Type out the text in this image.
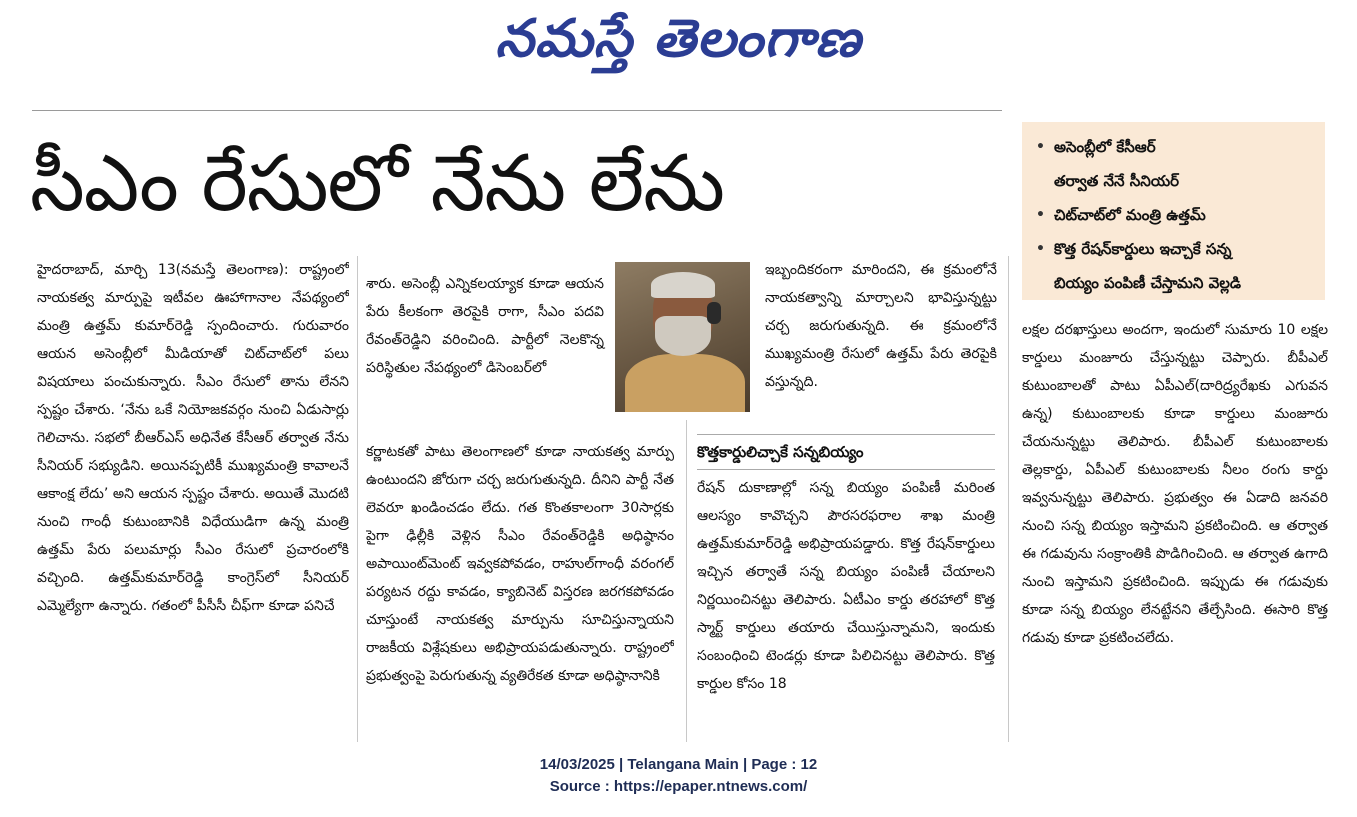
నమస్తే తెలంగాణ
సీఎం రేసులో నేను లేను	• అసెంబ్లీలో కేసీఆర్
తర్వాత నేనే సీనియర్
• చిట్‌చాట్‌లో మంత్రి ఉత్తమ్
• కొత్త రేషన్‌కార్డులు ఇచ్చాకే సన్న
బియ్యం పంపిణీ చేస్తామని వెల్లడి

హైదరాబాద్, మార్చి 13(నమస్తే తెలంగాణ): రాష్ట్రంలో నాయకత్వ మార్పుపై ఇటీవల ఊహాగానాల నేపథ్యంలో మంత్రి ఉత్తమ్ కుమార్‌రెడ్డి స్పందించారు. గురువారం ఆయన అసెంబ్లీలో మీడియాతో చిట్‌చాట్‌లో పలు విషయాలు పంచుకున్నారు. సీఎం రేసులో తాను లేనని స్పష్టం చేశారు. ‘నేను ఒకే నియోజకవర్గం నుంచి ఏడుసార్లు గెలిచాను. సభలో బీఆర్‌ఎస్ అధినేత కేసీఆర్ తర్వాత నేను సీనియర్ సభ్యుడిని. అయినప్పటికీ ముఖ్యమంత్రి కావాలనే ఆకాంక్ష లేదు’ అని ఆయన స్పష్టం చేశారు. అయితే మొదటి నుంచి గాంధీ కుటుంబానికి విధేయుడిగా ఉన్న మంత్రి ఉత్తమ్ పేరు పలుమార్లు సీఎం రేసులో ప్రచారంలోకి వచ్చింది. ఉత్తమ్‌కుమార్‌రెడ్డి కాంగ్రెస్‌లో సీనియర్ ఎమ్మెల్యేగా ఉన్నారు. గతంలో పీసీసీ చీఫ్‌గా కూడా పనిచే

శారు. అసెంబ్లీ ఎన్నికలయ్యాక కూడా ఆయన పేరు కీలకంగా తెరపైకి రాగా, సీఎం పదవి రేవంత్‌రెడ్డిని వరించింది. పార్టీలో నెలకొన్న పరిస్థితుల నేపథ్యంలో డిసెంబర్‌లో

కర్ణాటకతో పాటు తెలంగాణలో కూడా నాయకత్వ మార్పు ఉంటుందని జోరుగా చర్చ జరుగుతున్నది. దీనిని పార్టీ నేత లెవరూ ఖండించడం లేదు. గత కొంతకాలంగా 30సార్లకు పైగా ఢిల్లీకి వెళ్లిన సీఎం రేవంత్‌రెడ్డికి అధిష్ఠానం అపాయింట్‌మెంట్ ఇవ్వకపోవడం, రాహుల్‌గాంధీ వరంగల్ పర్యటన రద్దు కావడం, క్యాబినెట్ విస్తరణ జరగకపోవడం చూస్తుంటే నాయకత్వ మార్పును సూచిస్తున్నాయని రాజకీయ విశ్లేషకులు అభిప్రాయపడుతున్నారు. రాష్ట్రంలో ప్రభుత్వంపై పెరుగుతున్న వ్యతిరేకత కూడా అధిష్ఠానానికి

ఇబ్బందికరంగా మారిందని, ఈ క్రమంలోనే నాయకత్వాన్ని మార్చాలని భావిస్తున్నట్టు చర్చ జరుగుతున్నది. ఈ క్రమంలోనే ముఖ్యమంత్రి రేసులో ఉత్తమ్ పేరు తెరపైకి వస్తున్నది.

కొత్తకార్డులిచ్చాకే సన్నబియ్యం

రేషన్ దుకాణాల్లో సన్న బియ్యం పంపిణీ మరింత ఆలస్యం కావొచ్చని పౌరసరఫరాల శాఖ మంత్రి ఉత్తమ్‌కుమార్‌రెడ్డి అభిప్రాయపడ్డారు. కొత్త రేషన్‌కార్డులు ఇచ్చిన తర్వాతే సన్న బియ్యం పంపిణీ చేయాలని నిర్ణయించినట్టు తెలిపారు. ఏటీఎం కార్డు తరహాలో కొత్త స్మార్ట్ కార్డులు తయారు చేయిస్తున్నామని, ఇందుకు సంబంధించి టెండర్లు కూడా పిలిచినట్టు తెలిపారు. కొత్త కార్డుల కోసం 18

లక్షల దరఖాస్తులు అందగా, ఇందులో సుమారు 10 లక్షల కార్డులు మంజూరు చేస్తున్నట్టు చెప్పారు. బీపీఎల్ కుటుంబాలతో పాటు ఏపీఎల్(దారిద్ర్యరేఖకు ఎగువన ఉన్న) కుటుంబాలకు కూడా కార్డులు మంజూరు చేయనున్నట్టు తెలిపారు. బీపీఎల్ కుటుంబాలకు తెల్లకార్డు, ఏపీఎల్ కుటుంబాలకు నీలం రంగు కార్డు ఇవ్వనున్నట్టు తెలిపారు. ప్రభుత్వం ఈ ఏడాది జనవరి నుంచి సన్న బియ్యం ఇస్తామని ప్రకటించింది. ఆ తర్వాత ఈ గడువును సంక్రాంతికి పొడిగించింది. ఆ తర్వాత ఉగాది నుంచి ఇస్తామని ప్రకటించింది. ఇప్పుడు ఈ గడువుకు కూడా సన్న బియ్యం లేనట్టేనని తేల్చేసింది. ఈసారి కొత్త గడువు కూడా ప్రకటించలేదు.

14/03/2025 | Telangana Main | Page : 12
Source : https://epaper.ntnews.com/
